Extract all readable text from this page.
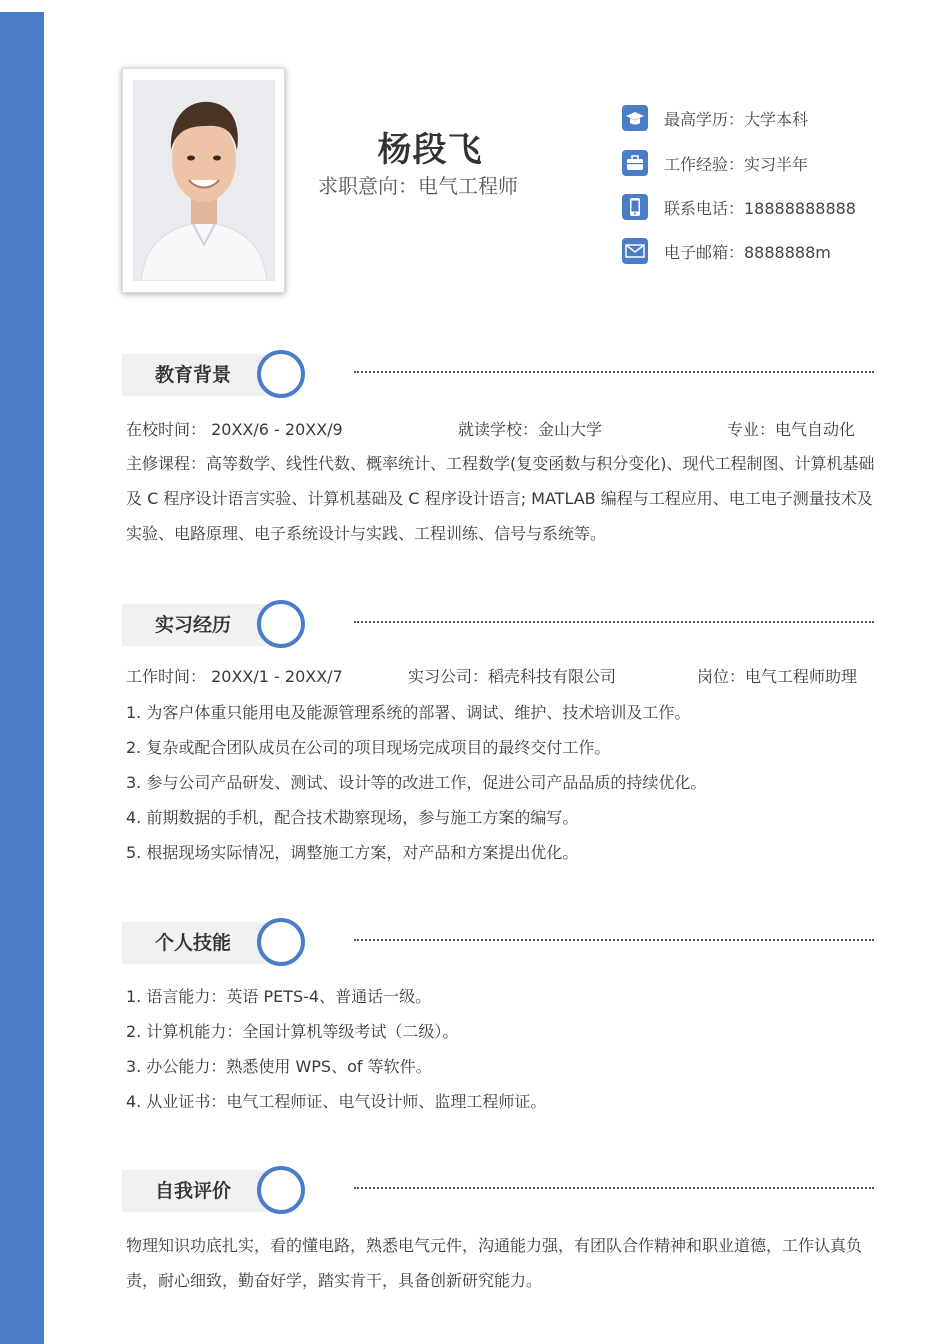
杨段飞
求职意向：电气工程师
最高学历：大学本科
工作经验：实习半年
联系电话：18888888888
电子邮箱：8888888m
教育背景
在校时间： 20XX/6 - 20XX/9	就读学校：金山大学	专业：电气自动化
主修课程：高等数学、线性代数、概率统计、工程数学(复变函数与积分变化)、现代工程制图、计算机基础及 C 程序设计语言实验、计算机基础及 C 程序设计语言; MATLAB 编程与工程应用、电工电子测量技术及实验、电路原理、电子系统设计与实践、工程训练、信号与系统等。
实习经历
工作时间： 20XX/1 - 20XX/7	实习公司：稻壳科技有限公司	岗位：电气工程师助理
1. 为客户体重只能用电及能源管理系统的部署、调试、维护、技术培训及工作。
2. 复杂或配合团队成员在公司的项目现场完成项目的最终交付工作。
3. 参与公司产品研发、测试、设计等的改进工作，促进公司产品品质的持续优化。
4. 前期数据的手机，配合技术勘察现场，参与施工方案的编写。
5. 根据现场实际情况，调整施工方案，对产品和方案提出优化。
个人技能
1. 语言能力：英语 PETS-4、普通话一级。
2. 计算机能力：全国计算机等级考试（二级）。
3. 办公能力：熟悉使用 WPS、of 等软件。
4. 从业证书：电气工程师证、电气设计师、监理工程师证。
自我评价
物理知识功底扎实，看的懂电路，熟悉电气元件，沟通能力强，有团队合作精神和职业道德，工作认真负责，耐心细致，勤奋好学，踏实肯干，具备创新研究能力。
